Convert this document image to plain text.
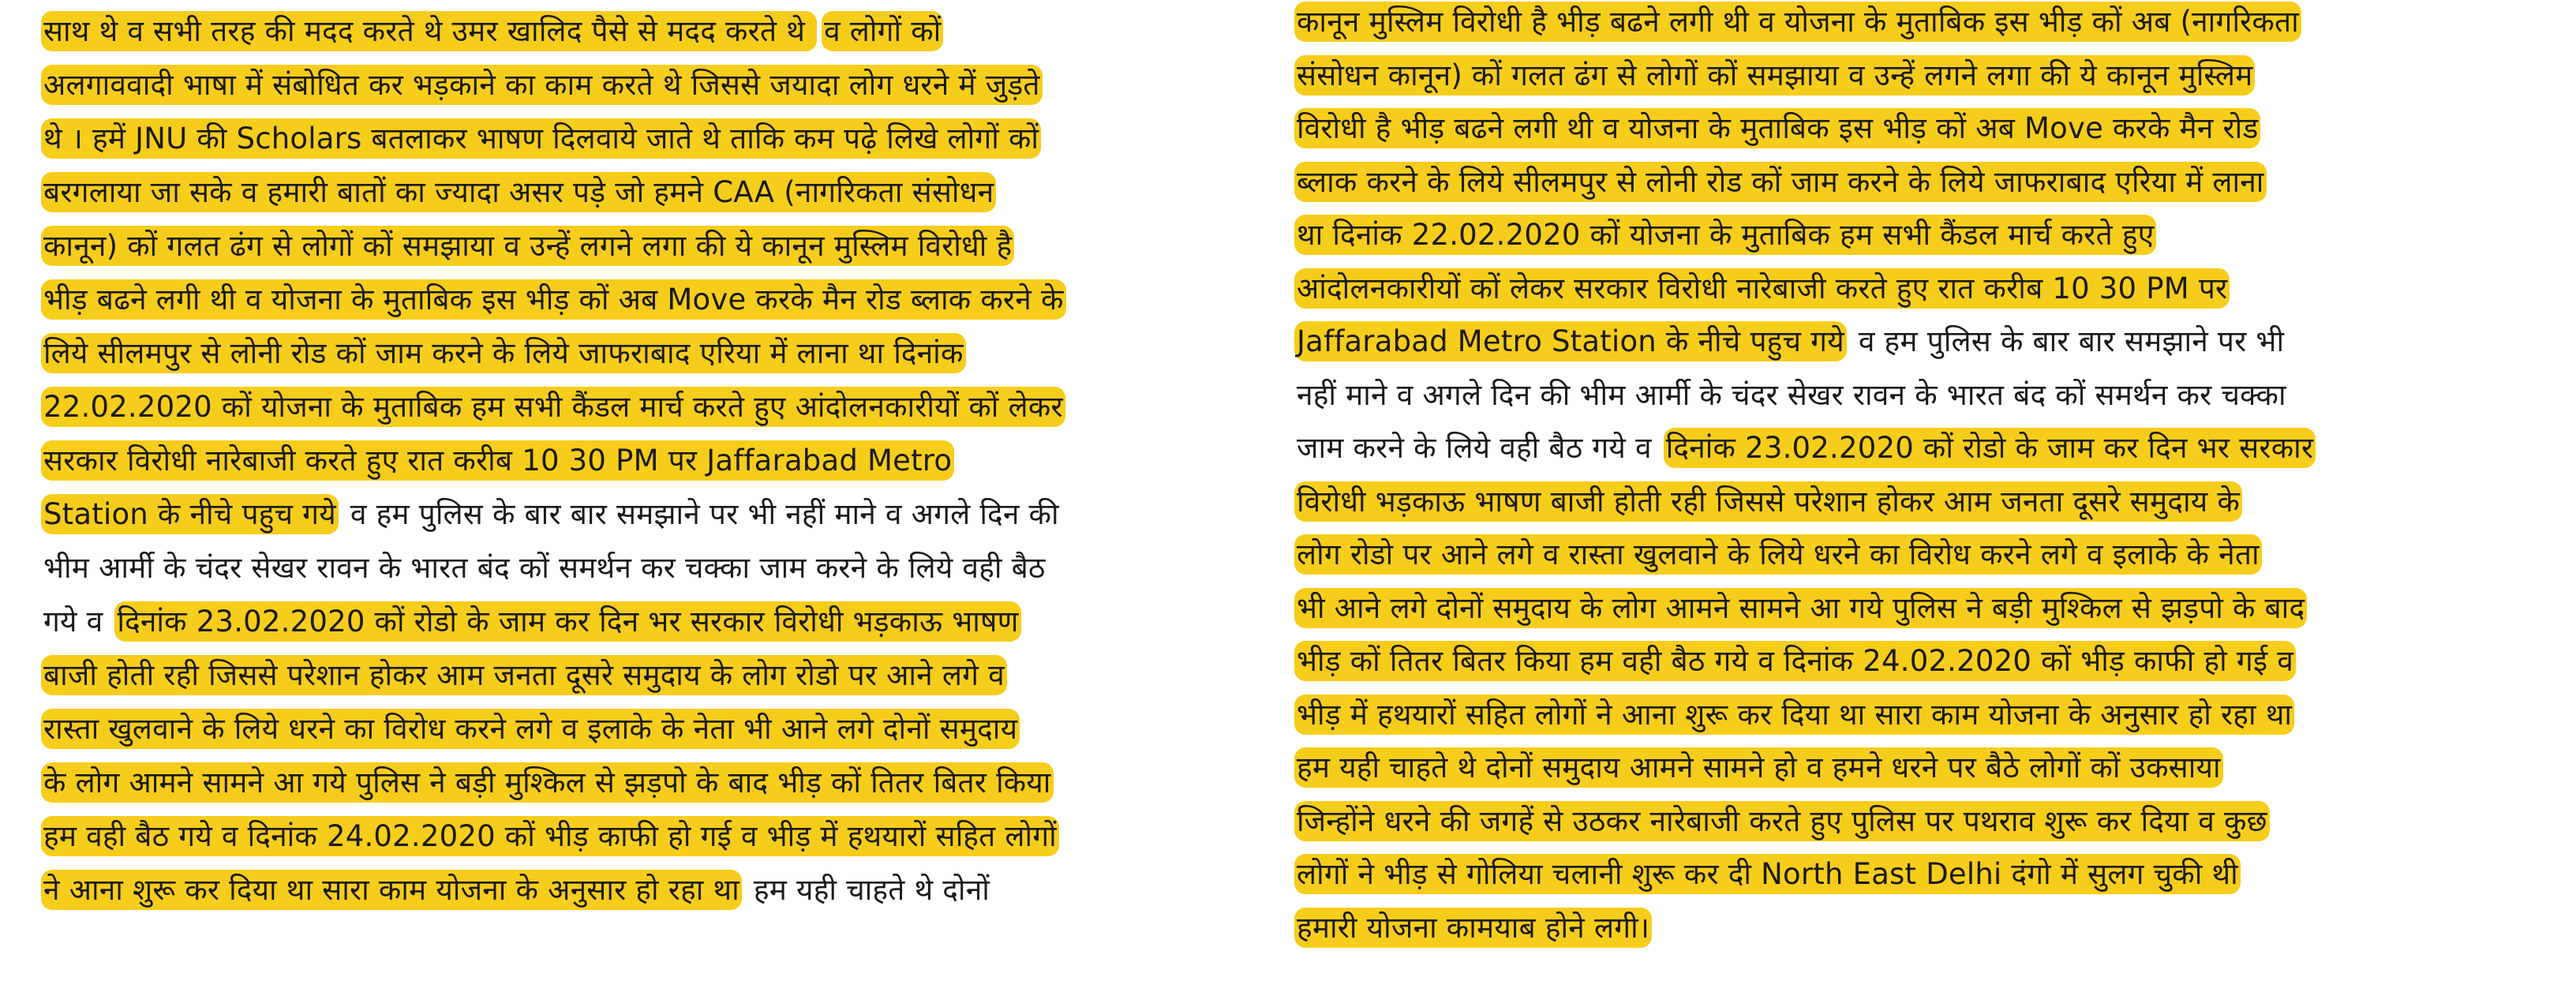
साथ थे व सभी तरह की मदद करते थे उमर खालिद पैसे से मदद करते थे व लोगों कों
अलगाववादी भाषा में संबोधित कर भड़काने का काम करते थे जिससे जयादा लोग धरने में जुड़ते
थे । हमें JNU की Scholars बतलाकर भाषण दिलवाये जाते थे ताकि कम पढ़े लिखे लोगों कों
बरगलाया जा सके व हमारी बातों का ज्यादा असर पड़े जो हमने CAA (नागरिकता संसोधन
कानून) कों गलत ढंग से लोगों कों समझाया व उन्हें लगने लगा की ये कानून मुस्लिम विरोधी है
भीड़ बढने लगी थी व योजना के मुताबिक इस भीड़ कों अब Move करके मैन रोड ब्लाक करने के
लिये सीलमपुर से लोनी रोड कों जाम करने के लिये जाफराबाद एरिया में लाना था दिनांक
22.02.2020 कों योजना के मुताबिक हम सभी कैंडल मार्च करते हुए आंदोलनकारीयों कों लेकर
सरकार विरोधी नारेबाजी करते हुए रात करीब 10 30 PM पर Jaffarabad Metro
Station के नीचे पहुच गये व हम पुलिस के बार बार समझाने पर भी नहीं माने व अगले दिन की
भीम आर्मी के चंदर सेखर रावन के भारत बंद कों समर्थन कर चक्का जाम करने के लिये वही बैठ
गये व दिनांक 23.02.2020 कों रोडो के जाम कर दिन भर सरकार विरोधी भड़काऊ भाषण
बाजी होती रही जिससे परेशान होकर आम जनता दूसरे समुदाय के लोग रोडो पर आने लगे व
रास्ता खुलवाने के लिये धरने का विरोध करने लगे व इलाके के नेता भी आने लगे दोनों समुदाय
के लोग आमने सामने आ गये पुलिस ने बड़ी मुश्किल से झड़पो के बाद भीड़ कों तितर बितर किया
हम वही बैठ गये व दिनांक 24.02.2020 कों भीड़ काफी हो गई व भीड़ में हथयारों सहित लोगों
ने आना शुरू कर दिया था सारा काम योजना के अनुसार हो रहा था हम यही चाहते थे दोनों
कानून मुस्लिम विरोधी है भीड़ बढने लगी थी व योजना के मुताबिक इस भीड़ कों अब (नागरिकता
संसोधन कानून) कों गलत ढंग से लोगों कों समझाया व उन्हें लगने लगा की ये कानून मुस्लिम
विरोधी है भीड़ बढने लगी थी व योजना के मुताबिक इस भीड़ कों अब Move करके मैन रोड
ब्लाक करने के लिये सीलमपुर से लोनी रोड कों जाम करने के लिये जाफराबाद एरिया में लाना
था दिनांक 22.02.2020 कों योजना के मुताबिक हम सभी कैंडल मार्च करते हुए
आंदोलनकारीयों कों लेकर सरकार विरोधी नारेबाजी करते हुए रात करीब 10 30 PM पर
Jaffarabad Metro Station के नीचे पहुच गये व हम पुलिस के बार बार समझाने पर भी
नहीं माने व अगले दिन की भीम आर्मी के चंदर सेखर रावन के भारत बंद कों समर्थन कर चक्का
जाम करने के लिये वही बैठ गये व दिनांक 23.02.2020 कों रोडो के जाम कर दिन भर सरकार
विरोधी भड़काऊ भाषण बाजी होती रही जिससे परेशान होकर आम जनता दूसरे समुदाय के
लोग रोडो पर आने लगे व रास्ता खुलवाने के लिये धरने का विरोध करने लगे व इलाके के नेता
भी आने लगे दोनों समुदाय के लोग आमने सामने आ गये पुलिस ने बड़ी मुश्किल से झड़पो के बाद
भीड़ कों तितर बितर किया हम वही बैठ गये व दिनांक 24.02.2020 कों भीड़ काफी हो गई व
भीड़ में हथयारों सहित लोगों ने आना शुरू कर दिया था सारा काम योजना के अनुसार हो रहा था
हम यही चाहते थे दोनों समुदाय आमने सामने हो व हमने धरने पर बैठे लोगों कों उकसाया
जिन्होंने धरने की जगहें से उठकर नारेबाजी करते हुए पुलिस पर पथराव शुरू कर दिया व कुछ
लोगों ने भीड़ से गोलिया चलानी शुरू कर दी North East Delhi दंगो में सुलग चुकी थी
हमारी योजना कामयाब होने लगी।
